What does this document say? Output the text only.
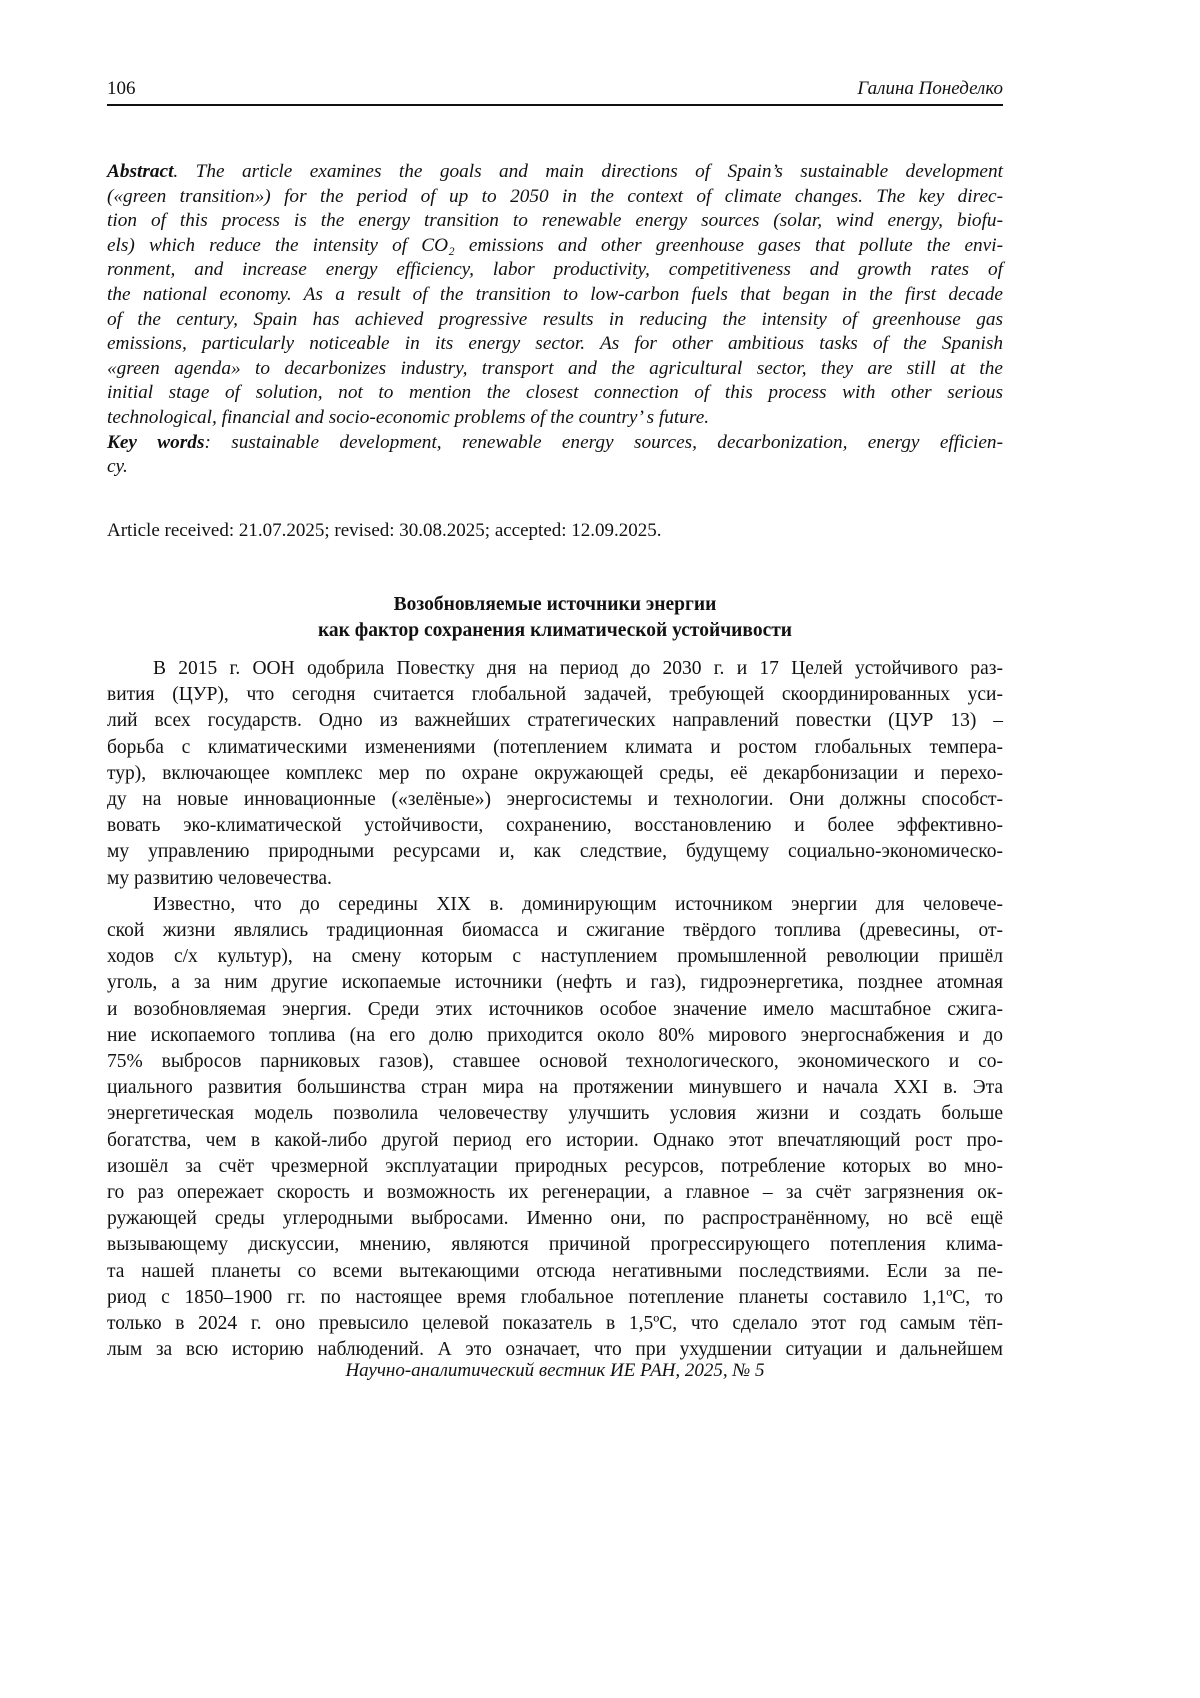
106	Галина Понеделко
Abstract. The article examines the goals and main directions of Spain’s sustainable development
(«green transition») for the period of up to 2050 in the context of climate changes. The key direc-
tion of this process is the energy transition to renewable energy sources (solar, wind energy, biofu-
els) which reduce the intensity of CO₂ emissions and other greenhouse gases that pollute the envi-
ronment, and increase energy efficiency, labor productivity, competitiveness and growth rates of
the national economy. As a result of the transition to low-carbon fuels that began in the first decade
of the century, Spain has achieved progressive results in reducing the intensity of greenhouse gas
emissions, particularly noticeable in its energy sector. As for other ambitious tasks of the Spanish
«green agenda» to decarbonizes industry, transport and the agricultural sector, they are still at the
initial stage of solution, not to mention the closest connection of this process with other serious
technological, financial and socio-economic problems of the country’ s future.
Key words: sustainable development, renewable energy sources, decarbonization, energy efficien-
cy.
Article received: 21.07.2025; revised: 30.08.2025; accepted: 12.09.2025.
Возобновляемые источники энергии
как фактор сохранения климатической устойчивости
В 2015 г. ООН одобрила Повестку дня на период до 2030 г. и 17 Целей устойчивого раз-
вития (ЦУР), что сегодня считается глобальной задачей, требующей скоординированных уси-
лий всех государств. Одно из важнейших стратегических направлений повестки (ЦУР 13) –
борьба с климатическими изменениями (потеплением климата и ростом глобальных темпера-
тур), включающее комплекс мер по охране окружающей среды, её декарбонизации и перехо-
ду на новые инновационные («зелёные») энергосистемы и технологии. Они должны способст-
вовать эко-климатической устойчивости, сохранению, восстановлению и более эффективно-
му управлению природными ресурсами и, как следствие, будущему социально-экономическо-
му развитию человечества.
Известно, что до середины XIX в. доминирующим источником энергии для человече-
ской жизни являлись традиционная биомасса и сжигание твёрдого топлива (древесины, от-
ходов с/х культур), на смену которым с наступлением промышленной революции пришёл
уголь, а за ним другие ископаемые источники (нефть и газ), гидроэнергетика, позднее атомная
и возобновляемая энергия. Среди этих источников особое значение имело масштабное сжига-
ние ископаемого топлива (на его долю приходится около 80% мирового энергоснабжения и до
75% выбросов парниковых газов), ставшее основой технологического, экономического и со-
циального развития большинства стран мира на протяжении минувшего и начала XXI в. Эта
энергетическая модель позволила человечеству улучшить условия жизни и создать больше
богатства, чем в какой-либо другой период его истории. Однако этот впечатляющий рост про-
изошёл за счёт чрезмерной эксплуатации природных ресурсов, потребление которых во мно-
го раз опережает скорость и возможность их регенерации, а главное – за счёт загрязнения ок-
ружающей среды углеродными выбросами. Именно они, по распространённому, но всё ещё
вызывающему дискуссии, мнению, являются причиной прогрессирующего потепления клима-
та нашей планеты со всеми вытекающими отсюда негативными последствиями. Если за пе-
риод с 1850–1900 гг. по настоящее время глобальное потепление планеты составило 1,1ºC, то
только в 2024 г. оно превысило целевой показатель в 1,5ºC, что сделало этот год самым тёп-
лым за всю историю наблюдений. А это означает, что при ухудшении ситуации и дальнейшем
Научно-аналитический вестник ИЕ РАН, 2025, № 5
